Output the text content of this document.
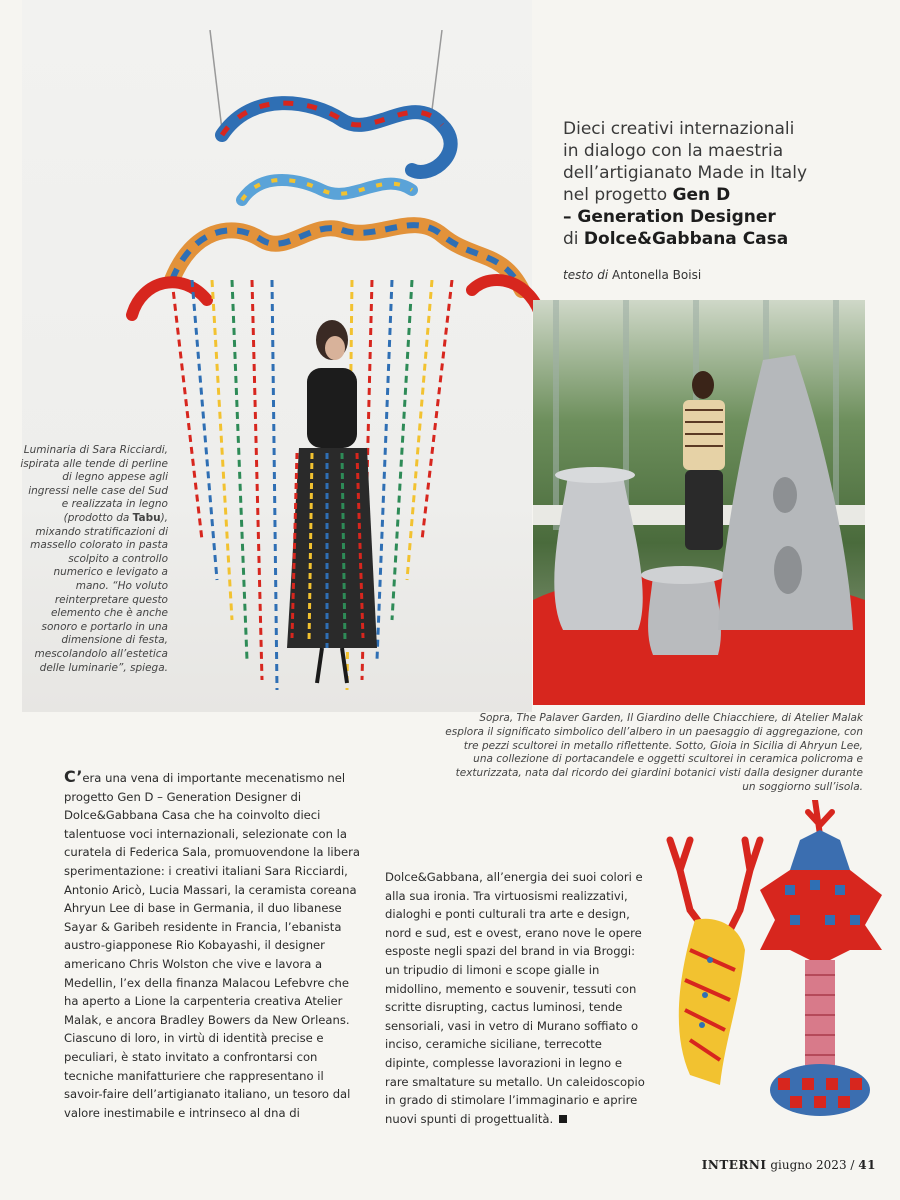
Dieci creativi internazionali
in dialogo con la maestria
dell’artigianato Made in Italy
nel progetto Gen D
– Generation Designer
di Dolce&Gabbana Casa
testo di Antonella Boisi
Luminaria di Sara Ricciardi, ispirata alle tende di perline di legno appese agli ingressi nelle case del Sud e realizzata in legno (prodotto da Tabu), mixando stratificazioni di massello colorato in pasta scolpito a controllo numerico e levigato a mano. “Ho voluto reinterpretare questo elemento che è anche sonoro e portarlo in una dimensione di festa, mescolandolo all’estetica delle luminarie”, spiega.
Sopra, The Palaver Garden, Il Giardino delle Chiacchiere, di Atelier Malak esplora il significato simbolico dell’albero in un paesaggio di aggregazione, con tre pezzi scultorei in metallo riflettente. Sotto, Gioia in Sicilia di Ahryun Lee, una collezione di portacandele e oggetti scultorei in ceramica policroma e texturizzata, nata dal ricordo dei giardini botanici visti dalla designer durante un soggiorno sull’isola.
C’era una vena di importante mecenatismo nel progetto Gen D – Generation Designer di Dolce&Gabbana Casa che ha coinvolto dieci talentuose voci internazionali, selezionate con la curatela di Federica Sala, promuovendone la libera sperimentazione: i creativi italiani Sara Ricciardi, Antonio Aricò, Lucia Massari, la ceramista coreana Ahryun Lee di base in Germania, il duo libanese Sayar & Garibeh residente in Francia, l’ebanista austro-giapponese Rio Kobayashi, il designer americano Chris Wolston che vive e lavora a Medellin, l’ex della finanza Malacou Lefebvre che ha aperto a Lione la carpenteria creativa Atelier Malak, e ancora Bradley Bowers da New Orleans. Ciascuno di loro, in virtù di identità precise e peculiari, è stato invitato a confrontarsi con tecniche manifatturiere che rappresentano il savoir-faire dell’artigianato italiano, un tesoro dal valore inestimabile e intrinseco al dna di
Dolce&Gabbana, all’energia dei suoi colori e alla sua ironia. Tra virtuosismi realizzativi, dialoghi e ponti culturali tra arte e design, nord e sud, est e ovest, erano nove le opere esposte negli spazi del brand in via Broggi: un tripudio di limoni e scope gialle in midollino, memento e souvenir, tessuti con scritte disrupting, cactus luminosi, tende sensoriali, vasi in vetro di Murano soffiato o inciso, ceramiche siciliane, terrecotte dipinte, complesse lavorazioni in legno e rare smaltature su metallo. Un caleidoscopio in grado di stimolare l’immaginario e aprire nuovi spunti di progettualità.
INTERNI giugno 2023 / 41
